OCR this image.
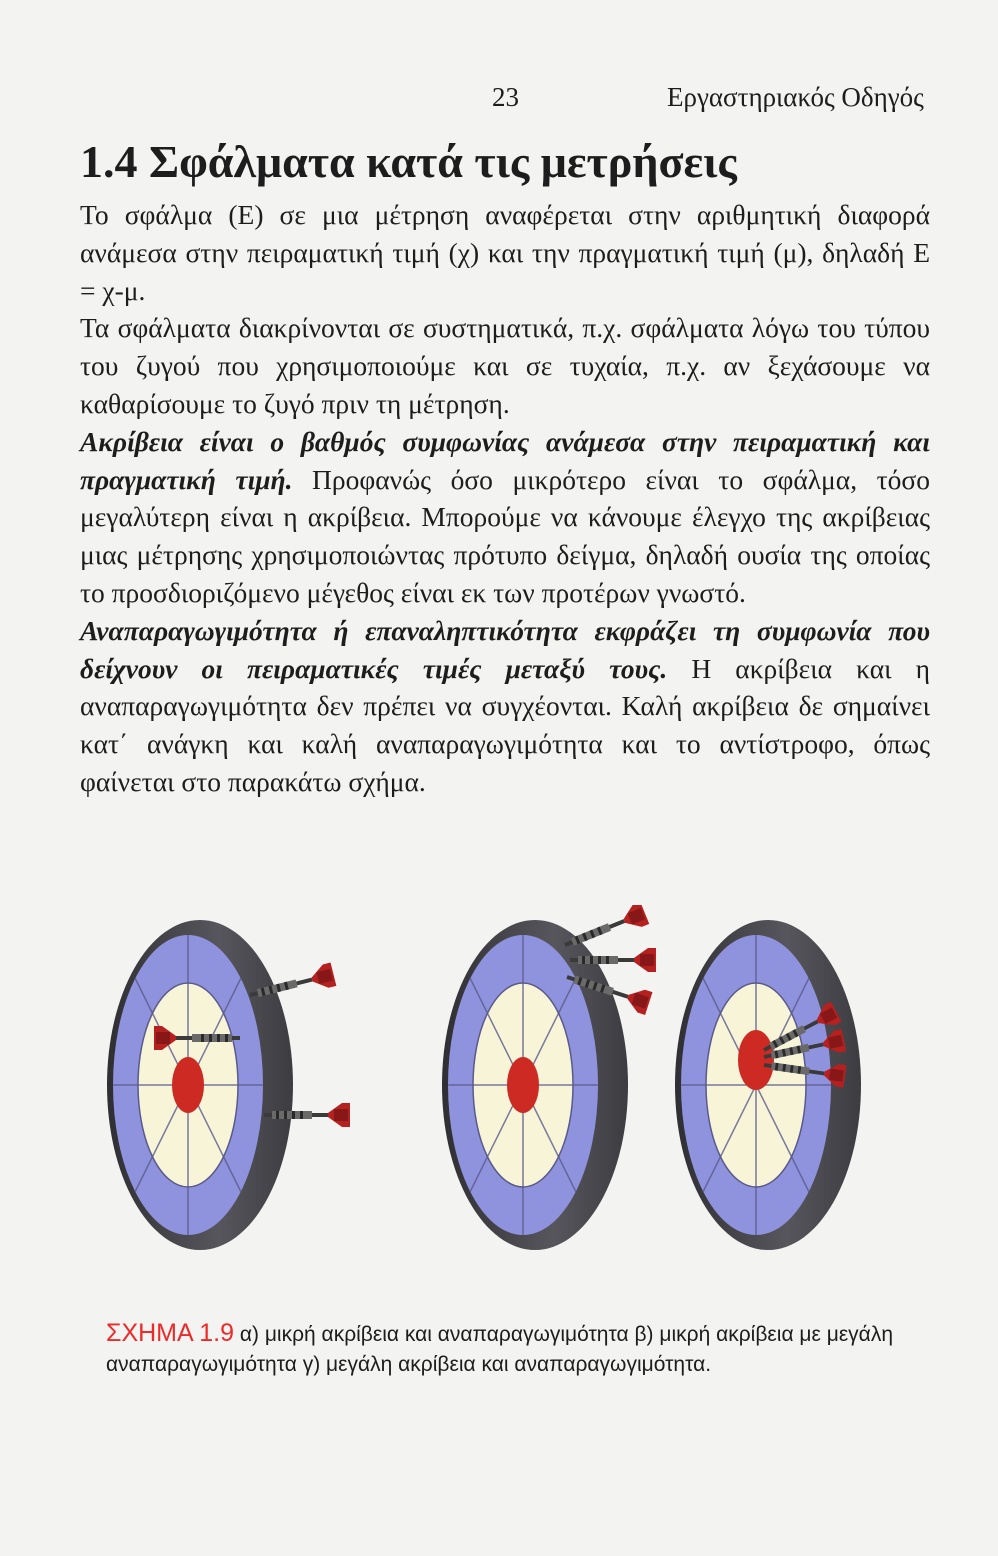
23	Εργαστηριακός Οδηγός
1.4 Σφάλματα κατά τις μετρήσεις

Το σφάλμα (E) σε μια μέτρηση αναφέρεται στην αριθμητική διαφορά ανάμεσα στην πειραματική τιμή (χ) και την πραγματική τιμή (μ), δηλαδή E = χ-μ.

Τα σφάλματα διακρίνονται σε συστηματικά, π.χ. σφάλματα λόγω του τύπου του ζυγού που χρησιμοποιούμε και σε τυχαία, π.χ. αν ξεχάσουμε να καθαρίσουμε το ζυγό πριν τη μέτρηση.

Ακρίβεια είναι ο βαθμός συμφωνίας ανάμεσα στην πειραματική και πραγματική τιμή. Προφανώς όσο μικρότερο είναι το σφάλμα, τόσο μεγαλύτερη είναι η ακρίβεια. Μπορούμε να κάνουμε έλεγχο της ακρίβειας μιας μέτρησης χρησιμοποιώντας πρότυπο δείγμα, δηλαδή ουσία της οποίας το προσδιοριζόμενο μέγεθος είναι εκ των προτέρων γνωστό.

Αναπαραγωγιμότητα ή επαναληπτικότητα εκφράζει τη συμφωνία που δείχνουν οι πειραματικές τιμές μεταξύ τους. Η ακρίβεια και η αναπαραγωγιμότητα δεν πρέπει να συγχέονται. Καλή ακρίβεια δε σημαίνει κατ΄ ανάγκη και καλή αναπαραγωγιμότητα και το αντίστροφο, όπως φαίνεται στο παρακάτω σχήμα.

ΣΧΗΜΑ 1.9 α) μικρή ακρίβεια και αναπαραγωγιμότητα β) μικρή ακρίβεια με μεγάλη αναπαραγωγιμότητα γ) μεγάλη ακρίβεια και αναπαραγωγιμότητα.
